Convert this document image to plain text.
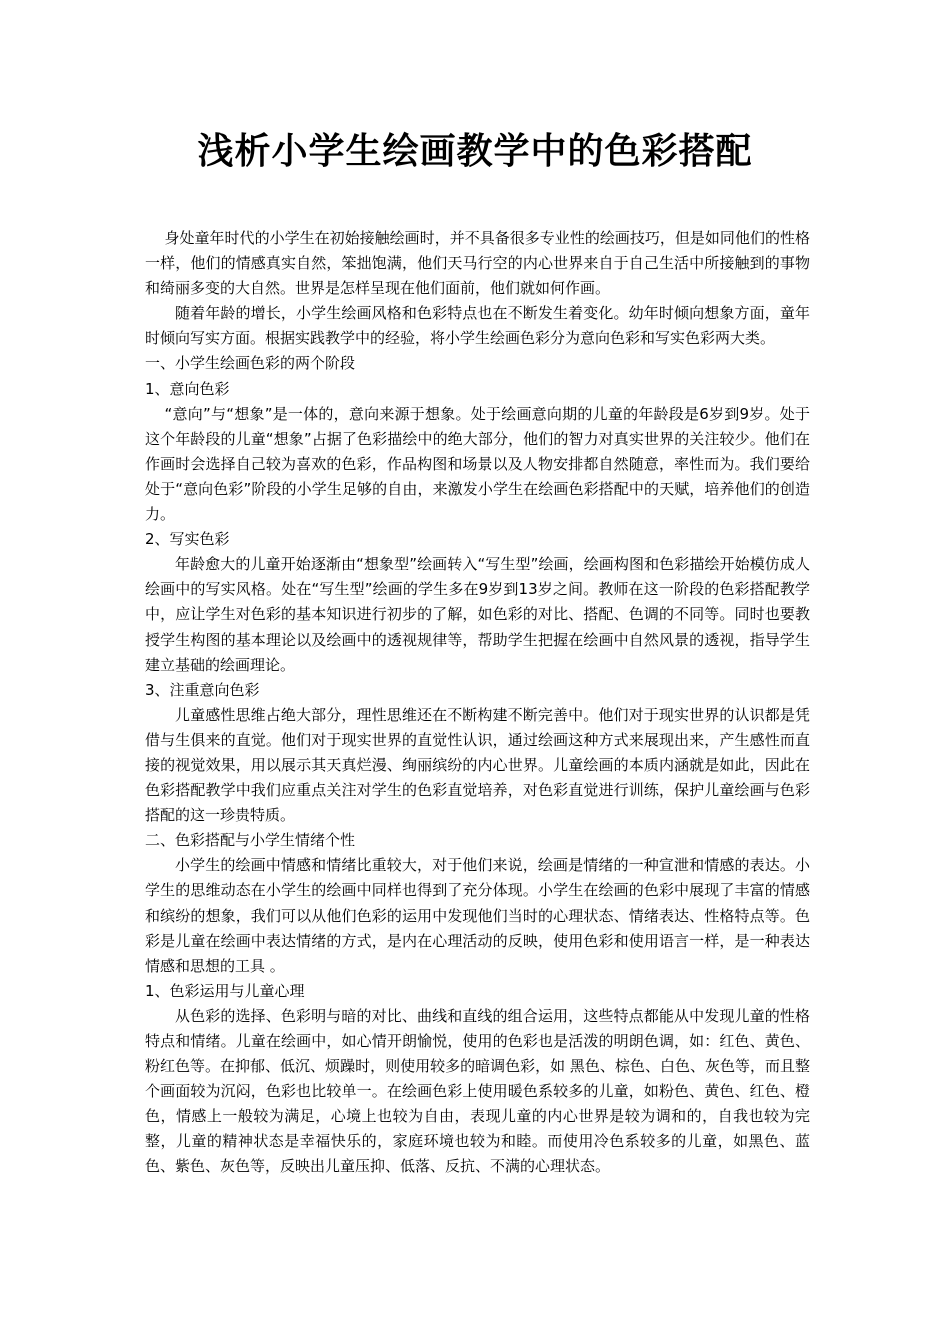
浅析小学生绘画教学中的色彩搭配

身处童年时代的小学生在初始接触绘画时，并不具备很多专业性的绘画技巧，但是如同他们的性格一样，他们的情感真实自然，笨拙饱满，他们天马行空的内心世界来自于自己生活中所接触到的事物和绮丽多变的大自然。世界是怎样呈现在他们面前，他们就如何作画。

随着年龄的增长，小学生绘画风格和色彩特点也在不断发生着变化。幼年时倾向想象方面，童年时倾向写实方面。根据实践教学中的经验，将小学生绘画色彩分为意向色彩和写实色彩两大类。

一、小学生绘画色彩的两个阶段

1、意向色彩

“意向”与“想象”是一体的，意向来源于想象。处于绘画意向期的儿童的年龄段是6岁到9岁。处于这个年龄段的儿童“想象”占据了色彩描绘中的绝大部分，他们的智力对真实世界的关注较少。他们在作画时会选择自己较为喜欢的色彩，作品构图和场景以及人物安排都自然随意，率性而为。我们要给处于“意向色彩”阶段的小学生足够的自由，来激发小学生在绘画色彩搭配中的天赋，培养他们的创造力。

2、写实色彩

年龄愈大的儿童开始逐渐由“想象型”绘画转入“写生型”绘画，绘画构图和色彩描绘开始模仿成人绘画中的写实风格。处在“写生型”绘画的学生多在9岁到13岁之间。教师在这一阶段的色彩搭配教学中，应让学生对色彩的基本知识进行初步的了解，如色彩的对比、搭配、色调的不同等。同时也要教授学生构图的基本理论以及绘画中的透视规律等，帮助学生把握在绘画中自然风景的透视，指导学生建立基础的绘画理论。

3、注重意向色彩

儿童感性思维占绝大部分，理性思维还在不断构建不断完善中。他们对于现实世界的认识都是凭借与生俱来的直觉。他们对于现实世界的直觉性认识，通过绘画这种方式来展现出来，产生感性而直接的视觉效果，用以展示其天真烂漫、绚丽缤纷的内心世界。儿童绘画的本质内涵就是如此，因此在色彩搭配教学中我们应重点关注对学生的色彩直觉培养，对色彩直觉进行训练，保护儿童绘画与色彩搭配的这一珍贵特质。

二、色彩搭配与小学生情绪个性

小学生的绘画中情感和情绪比重较大，对于他们来说，绘画是情绪的一种宣泄和情感的表达。小学生的思维动态在小学生的绘画中同样也得到了充分体现。小学生在绘画的色彩中展现了丰富的情感和缤纷的想象，我们可以从他们色彩的运用中发现他们当时的心理状态、情绪表达、性格特点等。色彩是儿童在绘画中表达情绪的方式，是内在心理活动的反映，使用色彩和使用语言一样，是一种表达情感和思想的工具 。

1、色彩运用与儿童心理

从色彩的选择、色彩明与暗的对比、曲线和直线的组合运用，这些特点都能从中发现儿童的性格特点和情绪。儿童在绘画中，如心情开朗愉悦，使用的色彩也是活泼的明朗色调，如：红色、黄色、粉红色等。在抑郁、低沉、烦躁时，则使用较多的暗调色彩，如 黑色、棕色、白色、灰色等，而且整个画面较为沉闷，色彩也比较单一。在绘画色彩上使用暖色系较多的儿童，如粉色、黄色、红色、橙色，情感上一般较为满足，心境上也较为自由，表现儿童的内心世界是较为调和的，自我也较为完整，儿童的精神状态是幸福快乐的，家庭环境也较为和睦。而使用冷色系较多的儿童，如黑色、蓝色、紫色、灰色等，反映出儿童压抑、低落、反抗、不满的心理状态。
